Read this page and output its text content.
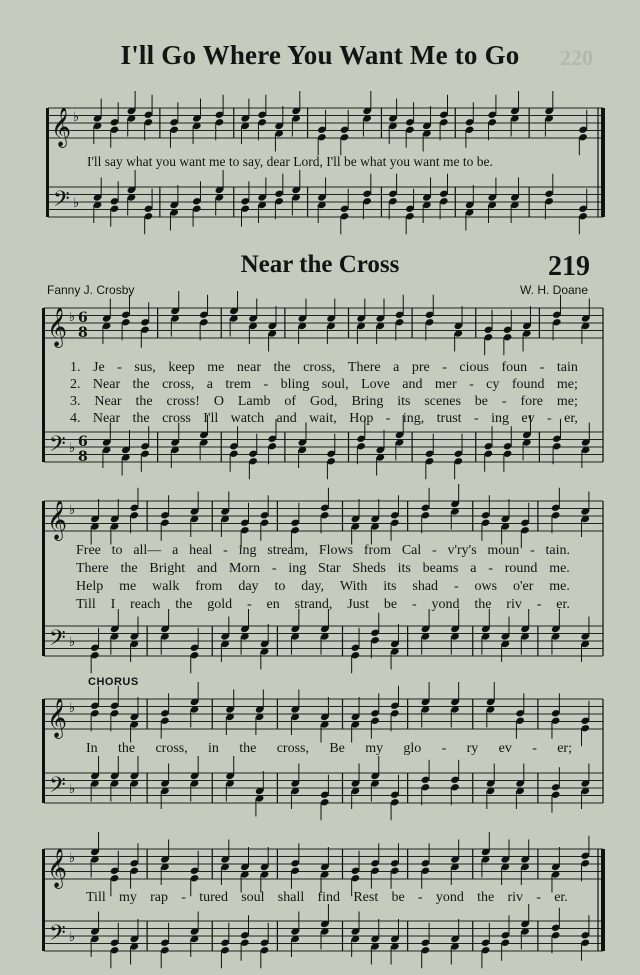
I'll Go Where You Want Me to Go	220
Near the Cross	219
Fanny J. Crosby	W. H. Doane
CHORUS
I'll say what you want me to say, dear Lord, I'll be what you want me to be.
1. Je - sus, keep me near the cross, There a pre - cious foun - tain
2. Near the cross, a trem - bling soul, Love and mer - cy found me;
3. Near the cross! O Lamb of God, Bring its scenes be - fore me;
4. Near the cross I'll watch and wait, Hop - ing, trust - ing ev - er,
Free to all— a heal - ing stream, Flows from Cal - v'ry's moun - tain.
There the Bright and Morn - ing Star Sheds its beams a - round me.
Help me walk from day to day, With its shad - ows o'er me.
Till I reach the gold - en strand, Just be - yond the riv - er.
In the cross, in the cross, Be my glo - ry ev - er;
Till my rap - tured soul shall find Rest be - yond the riv - er.
𝄞
𝄢
♭
♭
𝄞
𝄢
♭
♭
6
8
6
8
𝄞
𝄢
♭
♭
𝄞
𝄢
♭
♭
𝄞
𝄢
♭
♭
